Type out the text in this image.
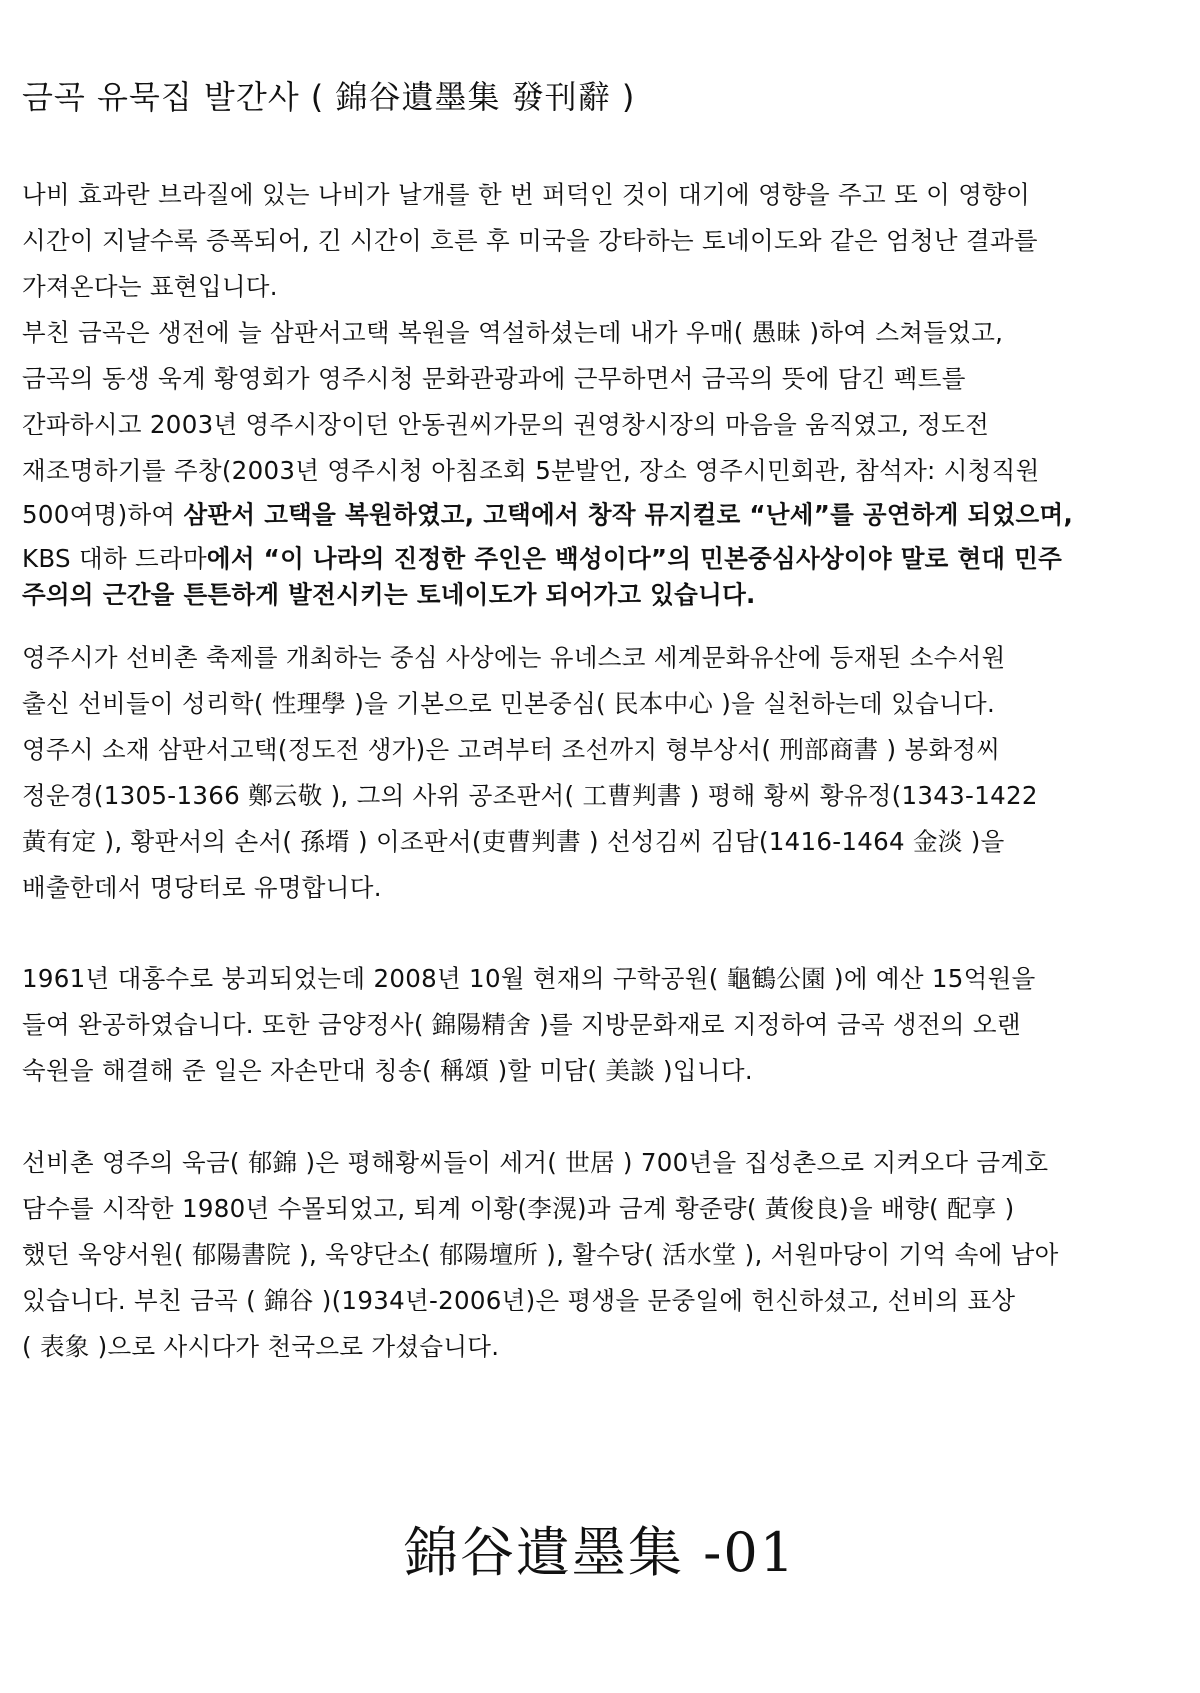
금곡 유묵집 발간사 ( 錦谷遺墨集 發刊辭 )
나비 효과란 브라질에 있는 나비가 날개를 한 번 퍼덕인 것이 대기에 영향을 주고 또 이 영향이
시간이 지날수록 증폭되어, 긴 시간이 흐른 후 미국을 강타하는 토네이도와 같은 엄청난 결과를
가져온다는 표현입니다.
부친 금곡은 생전에 늘 삼판서고택 복원을 역설하셨는데 내가 우매( 愚昧 )하여 스쳐들었고,
금곡의 동생 욱계 황영회가 영주시청 문화관광과에 근무하면서 금곡의 뜻에 담긴 펙트를
간파하시고 2003년 영주시장이던 안동권씨가문의 권영창시장의 마음을 움직였고, 정도전
재조명하기를 주창(2003년 영주시청 아침조회 5분발언, 장소 영주시민회관, 참석자: 시청직원
500여명)하여 삼판서 고택을 복원하였고, 고택에서 창작 뮤지컬로 “난세”를 공연하게 되었으며,
KBS 대하 드라마에서 “이 나라의 진정한 주인은 백성이다”의 민본중심사상이야 말로 현대 민주
주의의 근간을 튼튼하게 발전시키는 토네이도가 되어가고 있습니다.
영주시가 선비촌 축제를 개최하는 중심 사상에는 유네스코 세계문화유산에 등재된 소수서원
출신 선비들이 성리학( 性理學 )을 기본으로 민본중심( 民本中心 )을 실천하는데 있습니다.
영주시 소재 삼판서고택(정도전 생가)은 고려부터 조선까지 형부상서( 刑部商書 ) 봉화정씨
정운경(1305-1366 鄭云敬 ), 그의 사위 공조판서( 工曹判書 ) 평해 황씨 황유정(1343-1422
黃有定 ), 황판서의 손서( 孫壻 ) 이조판서(吏曹判書 ) 선성김씨 김담(1416-1464 金淡 )을
배출한데서 명당터로 유명합니다.
1961년 대홍수로 붕괴되었는데 2008년 10월 현재의 구학공원( 龜鶴公園 )에 예산 15억원을
들여 완공하였습니다. 또한 금양정사( 錦陽精舍 )를 지방문화재로 지정하여 금곡 생전의 오랜
숙원을 해결해 준 일은 자손만대 칭송( 稱頌 )할 미담( 美談 )입니다.
선비촌 영주의 욱금( 郁錦 )은 평해황씨들이 세거( 世居 ) 700년을 집성촌으로 지켜오다 금계호
담수를 시작한 1980년 수몰되었고, 퇴계 이황(李滉)과 금계 황준량( 黃俊良)을 배향( 配享 )
했던 욱양서원( 郁陽書院 ), 욱양단소( 郁陽壇所 ), 활수당( 活水堂 ), 서원마당이 기억 속에 남아
있습니다. 부친 금곡 ( 錦谷 )(1934년-2006년)은 평생을 문중일에 헌신하셨고, 선비의 표상
( 表象 )으로 사시다가 천국으로 가셨습니다.
錦谷遺墨集 -01
